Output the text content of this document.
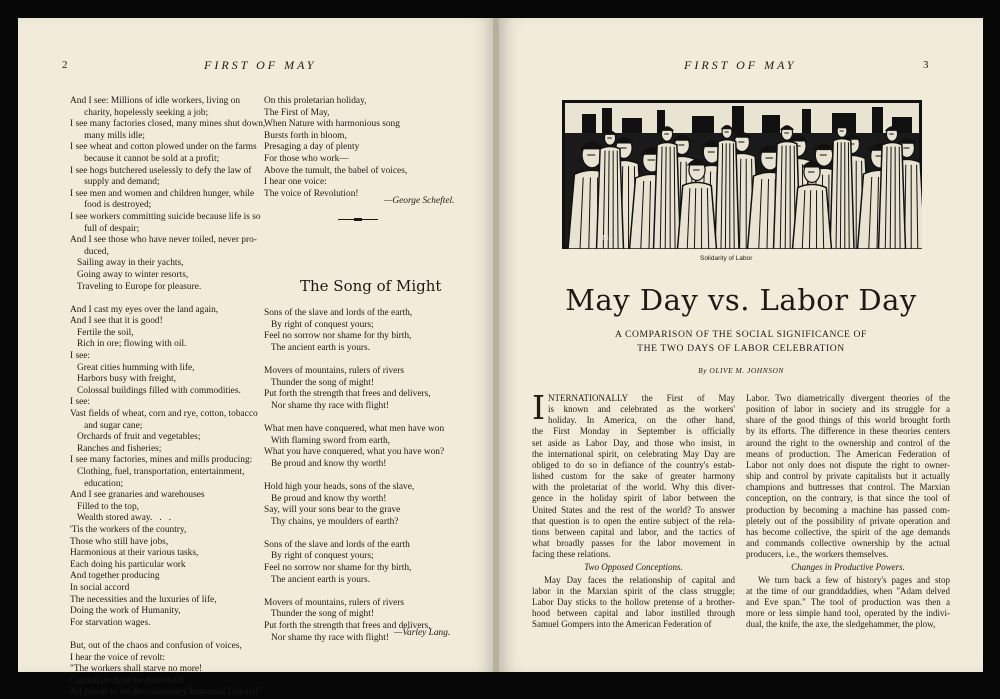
2	FIRST OF MAY
And I see: Millions of idle workers, living on
charity, hopelessly seeking a job;
I see many factories closed, many mines shut down,
many mills idle;
I see wheat and cotton plowed under on the farms
because it cannot be sold at a profit;
I see hogs butchered uselessly to defy the law of
supply and demand;
I see men and women and children hunger, while
food is destroyed;
I see workers committing suicide because life is so
full of despair;
And I see those who have never toiled, never pro-
duced,
Sailing away in their yachts,
Going away to winter resorts,
Traveling to Europe for pleasure.

And I cast my eyes over the land again,
And I see that it is good!
Fertile the soil,
Rich in ore; flowing with oil.
I see:
Great cities humming with life,
Harbors busy with freight,
Colossal buildings filled with commodities.
I see:
Vast fields of wheat, corn and rye, cotton, tobacco
and sugar cane;
Orchards of fruit and vegetables;
Ranches and fisheries;
I see many factories, mines and mills producing:
Clothing, fuel, transportation, entertainment,
education;
And I see granaries and warehouses
Filled to the top,
Wealth stored away.   .   .
'Tis the workers of the country,
Those who still have jobs,
Harmonious at their various tasks,
Each doing his particular work
And together producing
In social accord
The necessities and the luxuries of life,
Doing the work of Humanity,
For starvation wages.

But, out of the chaos and confusion of voices,
I hear the voice of revolt:
"The workers shall starve no more!
Capitalism must be destroyed!
All power to the Revolutionary Industrial Unions!"
On this proletarian holiday,
The First of May,
When Nature with harmonious song
Bursts forth in bloom,
Presaging a day of plenty
For those who work—
Above the tumult, the babel of voices,
I hear one voice:
The voice of Revolution!
—George Scheftel.
The Song of Might
Sons of the slave and lords of the earth,
By right of conquest yours;
Feel no sorrow nor shame for thy birth,
The ancient earth is yours.

Movers of mountains, rulers of rivers
Thunder the song of might!
Put forth the strength that frees and delivers,
Nor shame thy race with flight!

What men have conquered, what men have won
With flaming sword from earth,
What you have conquered, what you have won?
Be proud and know thy worth!

Hold high your heads, sons of the slave,
Be proud and know thy worth!
Say, will your sons bear to the grave
Thy chains, ye moulders of earth?

Sons of the slave and lords of the earth
By right of conquest yours;
Feel no sorrow nor shame for thy birth,
The ancient earth is yours.

Movers of mountains, rulers of rivers
Thunder the song of might!
Put forth the strength that frees and delivers,
Nor shame thy race with flight! —Varley Lang.
FIRST OF MAY	3
B.H.
Solidarity of Labor
May Day vs. Labor Day
A COMPARISON OF THE SOCIAL SIGNIFICANCE OF
THE TWO DAYS OF LABOR CELEBRATION
By OLIVE M. JOHNSON
I NTERNATIONALLY the First of May
is known and celebrated as the workers'
holiday. In America, on the other hand,
the First Monday in September is officially
set aside as Labor Day, and those who insist, in
the international spirit, on celebrating May Day are
obliged to do so in defiance of the country's estab-
lished custom for the sake of greater harmony
with the proletariat of the world. Why this diver-
gence in the holiday spirit of labor between the
United States and the rest of the world? To answer
that question is to open the entire subject of the rela-
tions between capital and labor, and the tactics of
what broadly passes for the labor movement in
facing these relations.
Two Opposed Conceptions.
May Day faces the relationship of capital and
labor in the Marxian spirit of the class struggle;
Labor Day sticks to the hollow pretense of a brother-
hood between capital and labor instilled through
Samuel Gompers into the American Federation of
Labor. Two diametrically divergent theories of the
position of labor in society and its struggle for a
share of the good things of this world brought forth
by its efforts. The difference in these theories centers
around the right to the ownership and control of the
means of production. The American Federation of
Labor not only does not dispute the right to owner-
ship and control by private capitalists but it actually
champions and buttresses that control. The Marxian
conception, on the contrary, is that since the tool of
production by becoming a machine has passed com-
pletely out of the possibility of private operation and
has become collective, the spirit of the age demands
and commands collective ownership by the actual
producers, i.e., the workers themselves.
Changes in Productive Powers.
We turn back a few of history's pages and stop
at the time of our granddaddies, when "Adam delved
and Eve span." The tool of production was then a
more or less simple hand tool, operated by the indivi-
dual, the knife, the axe, the sledgehammer, the plow,
